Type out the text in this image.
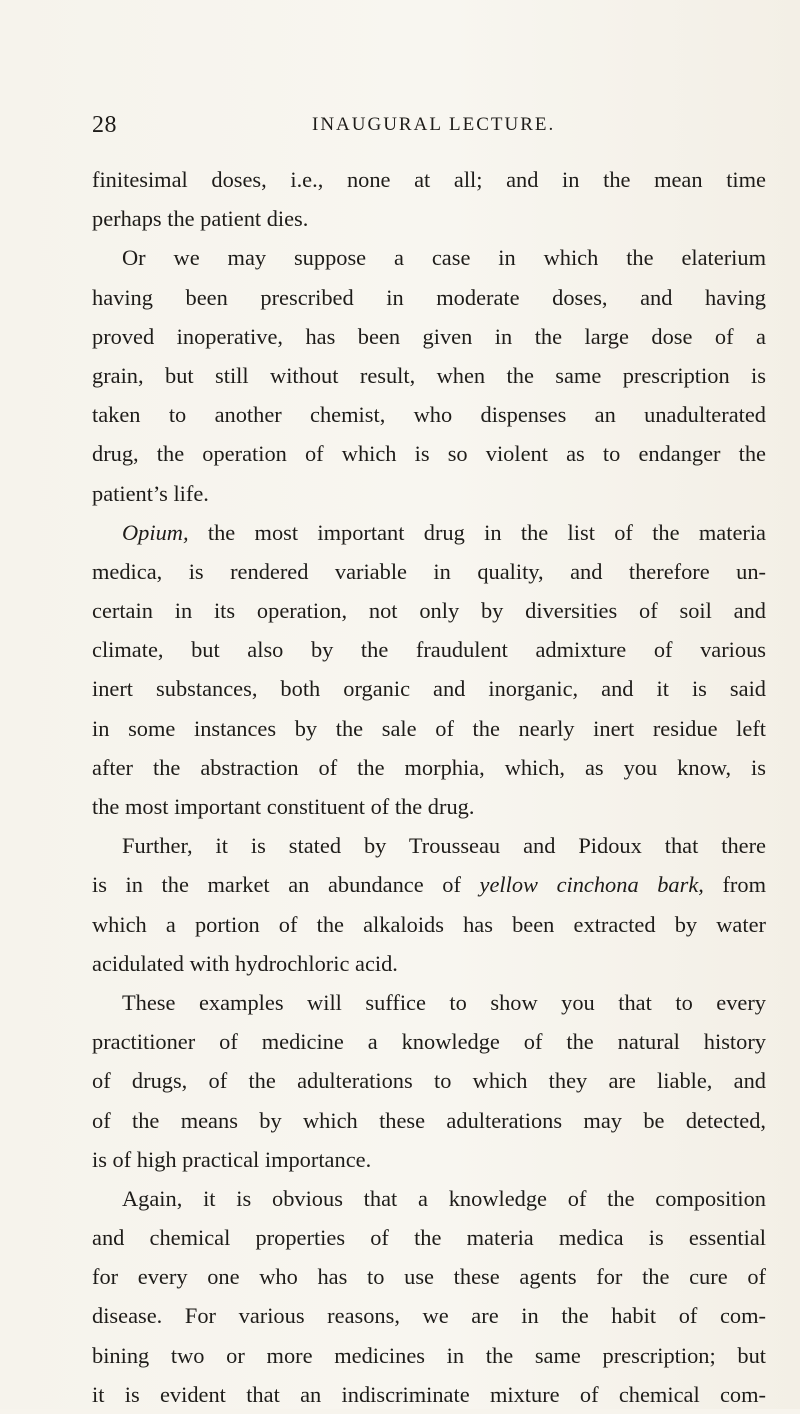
28	INAUGURAL LECTURE.
finitesimal doses, i.e., none at all; and in the mean time
perhaps the patient dies.
Or we may suppose a case in which the elaterium
having been prescribed in moderate doses, and having
proved inoperative, has been given in the large dose of a
grain, but still without result, when the same prescription is
taken to another chemist, who dispenses an unadulterated
drug, the operation of which is so violent as to endanger the
patient’s life.
Opium, the most important drug in the list of the materia
medica, is rendered variable in quality, and therefore un-
certain in its operation, not only by diversities of soil and
climate, but also by the fraudulent admixture of various
inert substances, both organic and inorganic, and it is said
in some instances by the sale of the nearly inert residue left
after the abstraction of the morphia, which, as you know, is
the most important constituent of the drug.
Further, it is stated by Trousseau and Pidoux that there
is in the market an abundance of yellow cinchona bark, from
which a portion of the alkaloids has been extracted by water
acidulated with hydrochloric acid.
These examples will suffice to show you that to every
practitioner of medicine a knowledge of the natural history
of drugs, of the adulterations to which they are liable, and
of the means by which these adulterations may be detected,
is of high practical importance.
Again, it is obvious that a knowledge of the composition
and chemical properties of the materia medica is essential
for every one who has to use these agents for the cure of
disease. For various reasons, we are in the habit of com-
bining two or more medicines in the same prescription; but
it is evident that an indiscriminate mixture of chemical com-
